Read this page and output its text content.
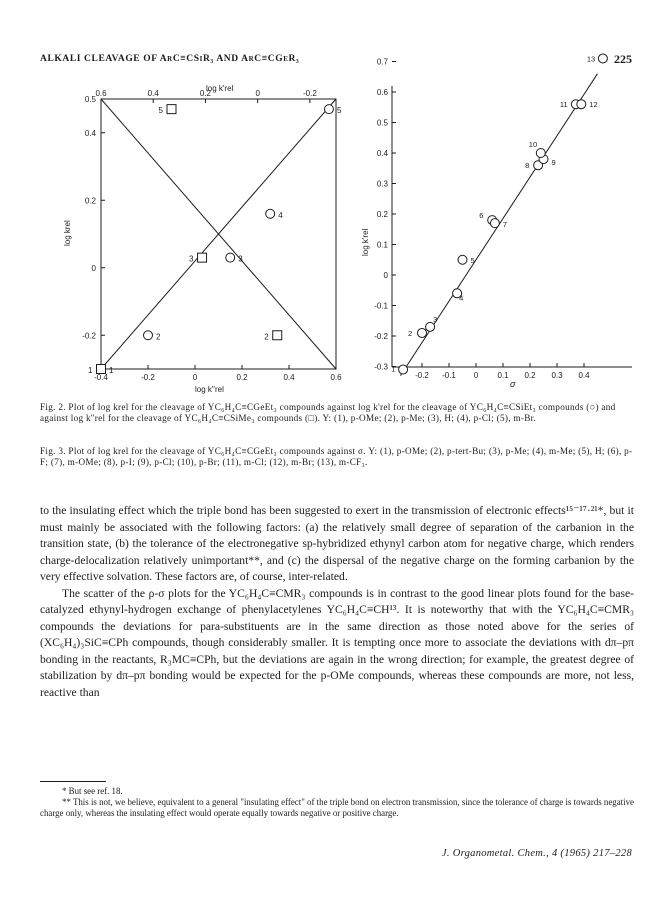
ALKALI CLEAVAGE OF ArC≡CSiR₃ AND ArC≡CGeR₃	225
log k'rel
log k''rel
log krel
-0.4	-0.2	0	0.2	0.4	0.6
0.6	0.4	0.2	0	-0.2
0.5
0.4
0.2
0
-0.2
1
2
3
4
5
1
2
3
5
σ
log k'rel
-0.2 -0.1 0 0.1 0.2 0.3 0.4
0.7
0.6
0.5
0.4
0.3
0.2
0.1
0
-0.1
-0.2
-0.3 1
2
3
4
5
6
7
8	9
10
11	12
13
Fig. 2. Plot of log krel for the cleavage of YC₆H₄C≡CGeEt₃ compounds against log k'rel for the cleavage of YC₆H₄C≡CSiEt₃ compounds (○) and against log k''rel for the cleavage of YC₆H₄C≡CSiMe₃ compounds (□). Y: (1), p-OMe; (2), p-Me; (3), H; (4), p-Cl; (5), m-Br.
Fig. 3. Plot of log krel for the cleavage of YC₆H₄C≡CGeEt₃ compounds against σ. Y: (1), p-OMe; (2), p-tert-Bu; (3), p-Me; (4), m-Me; (5), H; (6), p-F; (7), m-OMe; (8), p-I; (9), p-Cl; (10), p-Br; (11), m-Cl; (12), m-Br; (13), m-CF₃.

to the insulating effect which the triple bond has been suggested to exert in the transmission of electronic effects¹⁵⁻¹⁷·²¹*, but it must mainly be associated with the following factors: (a) the relatively small degree of separation of the carbanion in the transition state, (b) the tolerance of the electronegative sp-hybridized ethynyl carbon atom for negative charge, which renders charge-delocalization relatively unimportant**, and (c) the dispersal of the negative charge on the forming carbanion by the very effective solvation. These factors are, of course, inter-related.

The scatter of the ρ-σ plots for the YC₆H₄C≡CMR₃ compounds is in contrast to the good linear plots found for the base-catalyzed ethynyl-hydrogen exchange of phenylacetylenes YC₆H₄C≡CH¹³. It is noteworthy that with the YC₆H₄C≡CMR₃ compounds the deviations for para-substituents are in the same direction as those noted above for the series of (XC₆H₄)₃SiC≡CPh compounds, though considerably smaller. It is tempting once more to associate the deviations with dπ–pπ bonding in the reactants, R₃MC≡CPh, but the deviations are again in the wrong direction; for example, the greatest degree of stabilization by dπ–pπ bonding would be expected for the p-OMe compounds, whereas these compounds are more, not less, reactive than

* But see ref. 18.

** This is not, we believe, equivalent to a general "insulating effect" of the triple bond on electron transmission, since the tolerance of charge is towards negative charge only, whereas the insulating effect would operate equally towards negative or positive charge.

J. Organometal. Chem., 4 (1965) 217–228
